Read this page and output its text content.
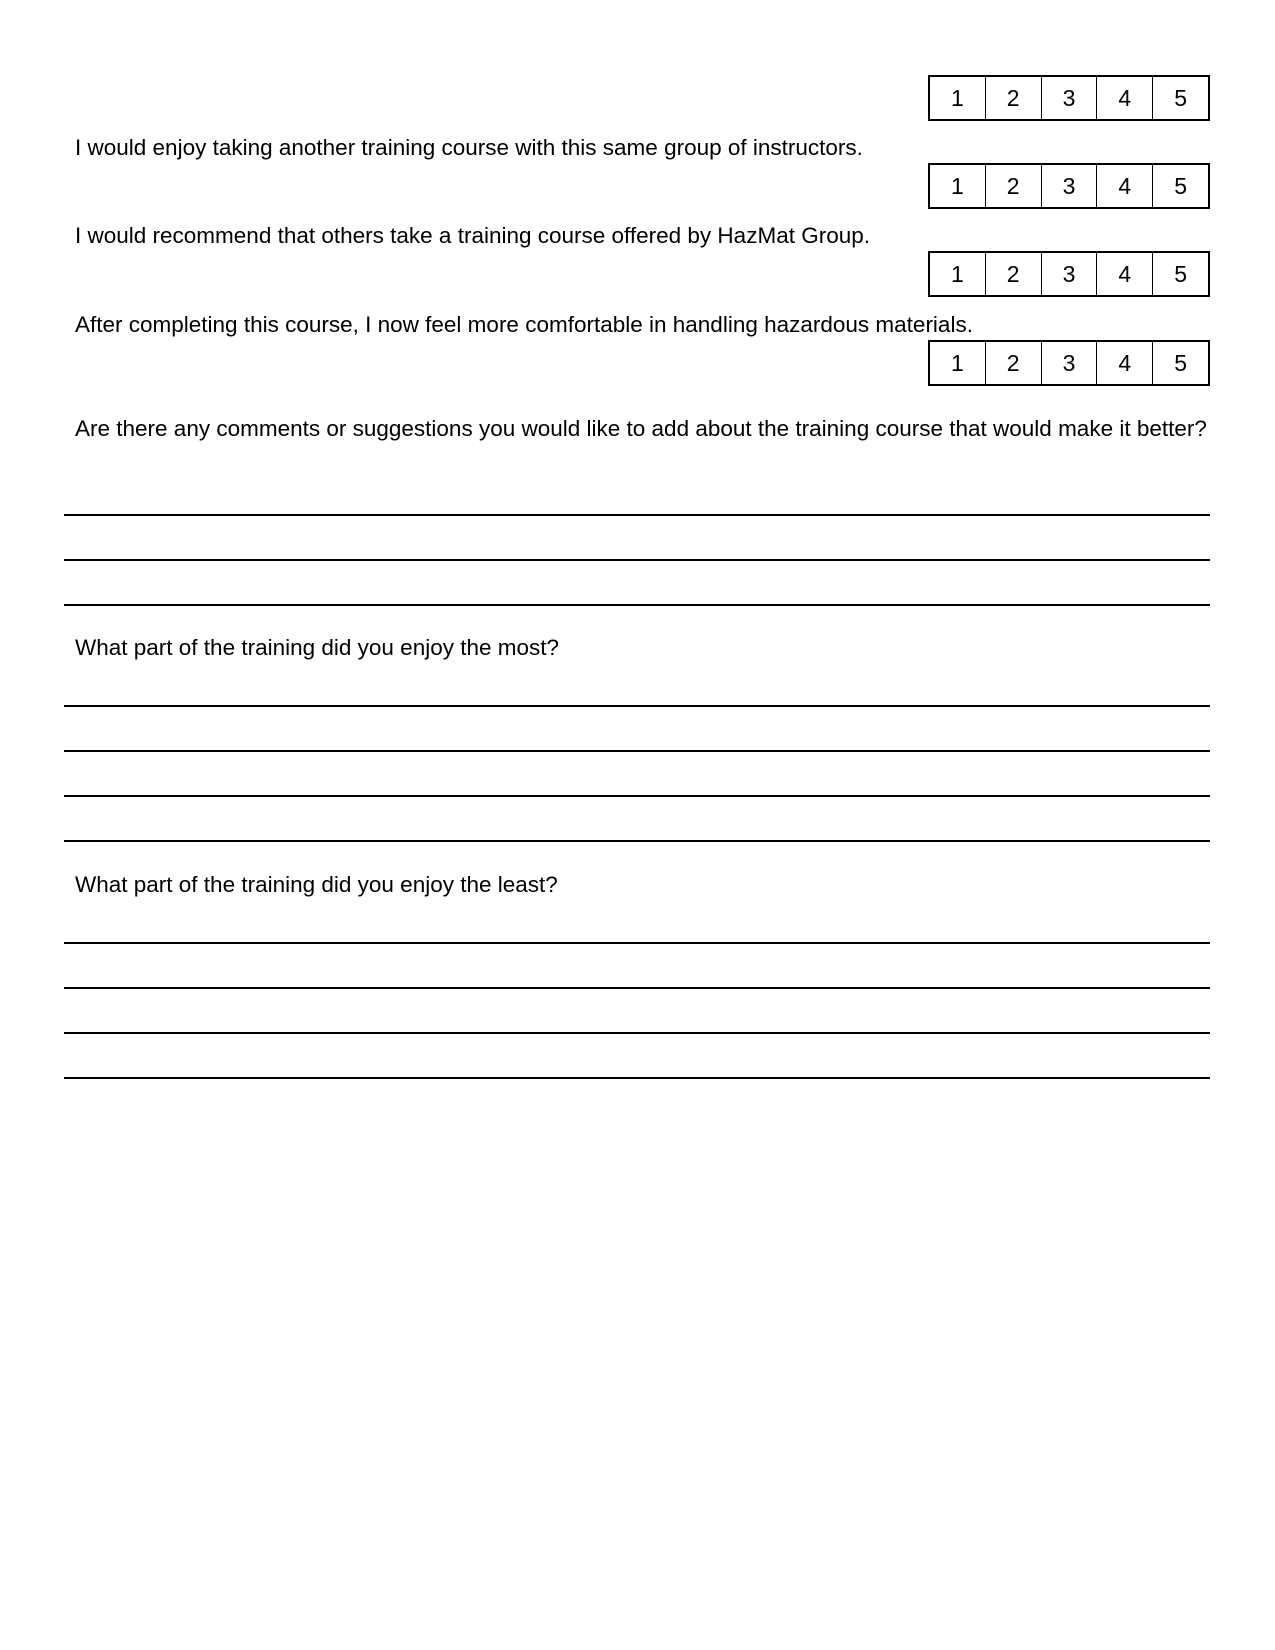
1	2	3	4	5
I would enjoy taking another training course with this same group of instructors.
1	2	3	4	5
I would recommend that others take a training course offered by HazMat Group.
1	2	3	4	5
After completing this course, I now feel more comfortable in handling hazardous materials.
1	2	3	4	5
Are there any comments or suggestions you would like to add about the training course that would make it better?
What part of the training did you enjoy the most?
What part of the training did you enjoy the least?
